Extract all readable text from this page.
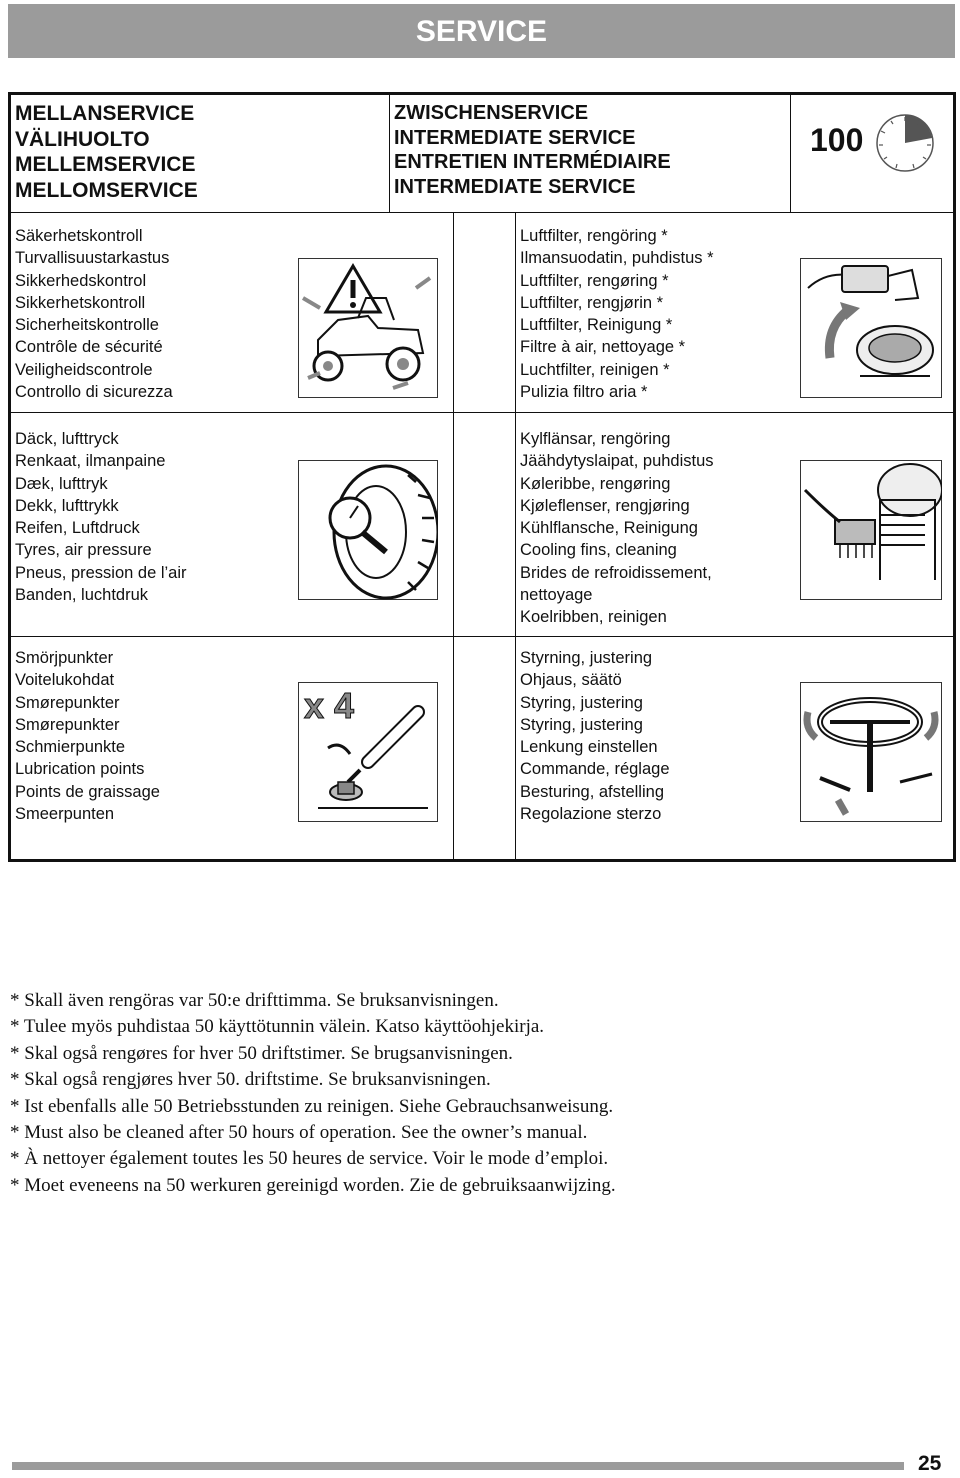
SERVICE
MELLANSERVICE
VÄLIHUOLTO
MELLEMSERVICE
MELLOMSERVICE
ZWISCHENSERVICE
INTERMEDIATE SERVICE
ENTRETIEN INTERMÉDIAIRE
INTERMEDIATE SERVICE
Säkerhetskontroll
Turvallisuustarkastus
Sikkerhedskontrol
Sikkerhetskontroll
Sicherheitskontrolle
Contrôle de sécurité
Veiligheidscontrole
Controllo di sicurezza
Luftfilter, rengöring *
Ilmansuodatin, puhdistus *
Luftfilter, rengøring *
Luftfilter, rengjørin *
Luftfilter, Reinigung *
Filtre à air, nettoyage *
Luchtfilter, reinigen *
Pulizia filtro aria *
Däck, lufttryck
Renkaat, ilmanpaine
Dæk, lufttryk
Dekk, lufttrykk
Reifen, Luftdruck
Tyres, air pressure
Pneus, pression de l’air
Banden, luchtdruk
Kylflänsar, rengöring
Jäähdytyslaipat, puhdistus
Køleribbe, rengøring
Kjøleflenser, rengjøring
Kühlflansche, Reinigung
Cooling fins, cleaning
Brides de refroidissement,
nettoyage
Koelribben, reinigen
Smörjpunkter
Voitelukohdat
Smørepunkter
Smørepunkter
Schmierpunkte
Lubrication points
Points de graissage
Smeerpunten
Styrning, justering
Ohjaus, säätö
Styring, justering
Styring, justering
Lenkung einstellen
Commande, réglage
Besturing, afstelling
Regolazione sterzo
100
x 4
* Skall även rengöras var 50:e drifttimma. Se bruksanvisningen.
* Tulee myös puhdistaa 50 käyttötunnin välein. Katso käyttöohjekirja.
* Skal også rengøres for hver 50 driftstimer. Se brugsanvisningen.
* Skal også rengjøres hver 50. driftstime. Se bruksanvisningen.
* Ist ebenfalls alle 50 Betriebsstunden zu reinigen. Siehe Gebrauchsanweisung.
* Must also be cleaned after 50 hours of operation. See the owner’s manual.
* À nettoyer également toutes les 50 heures de service. Voir le mode d’emploi.
* Moet eveneens na 50 werkuren gereinigd worden. Zie de gebruiksaanwijzing.
25
